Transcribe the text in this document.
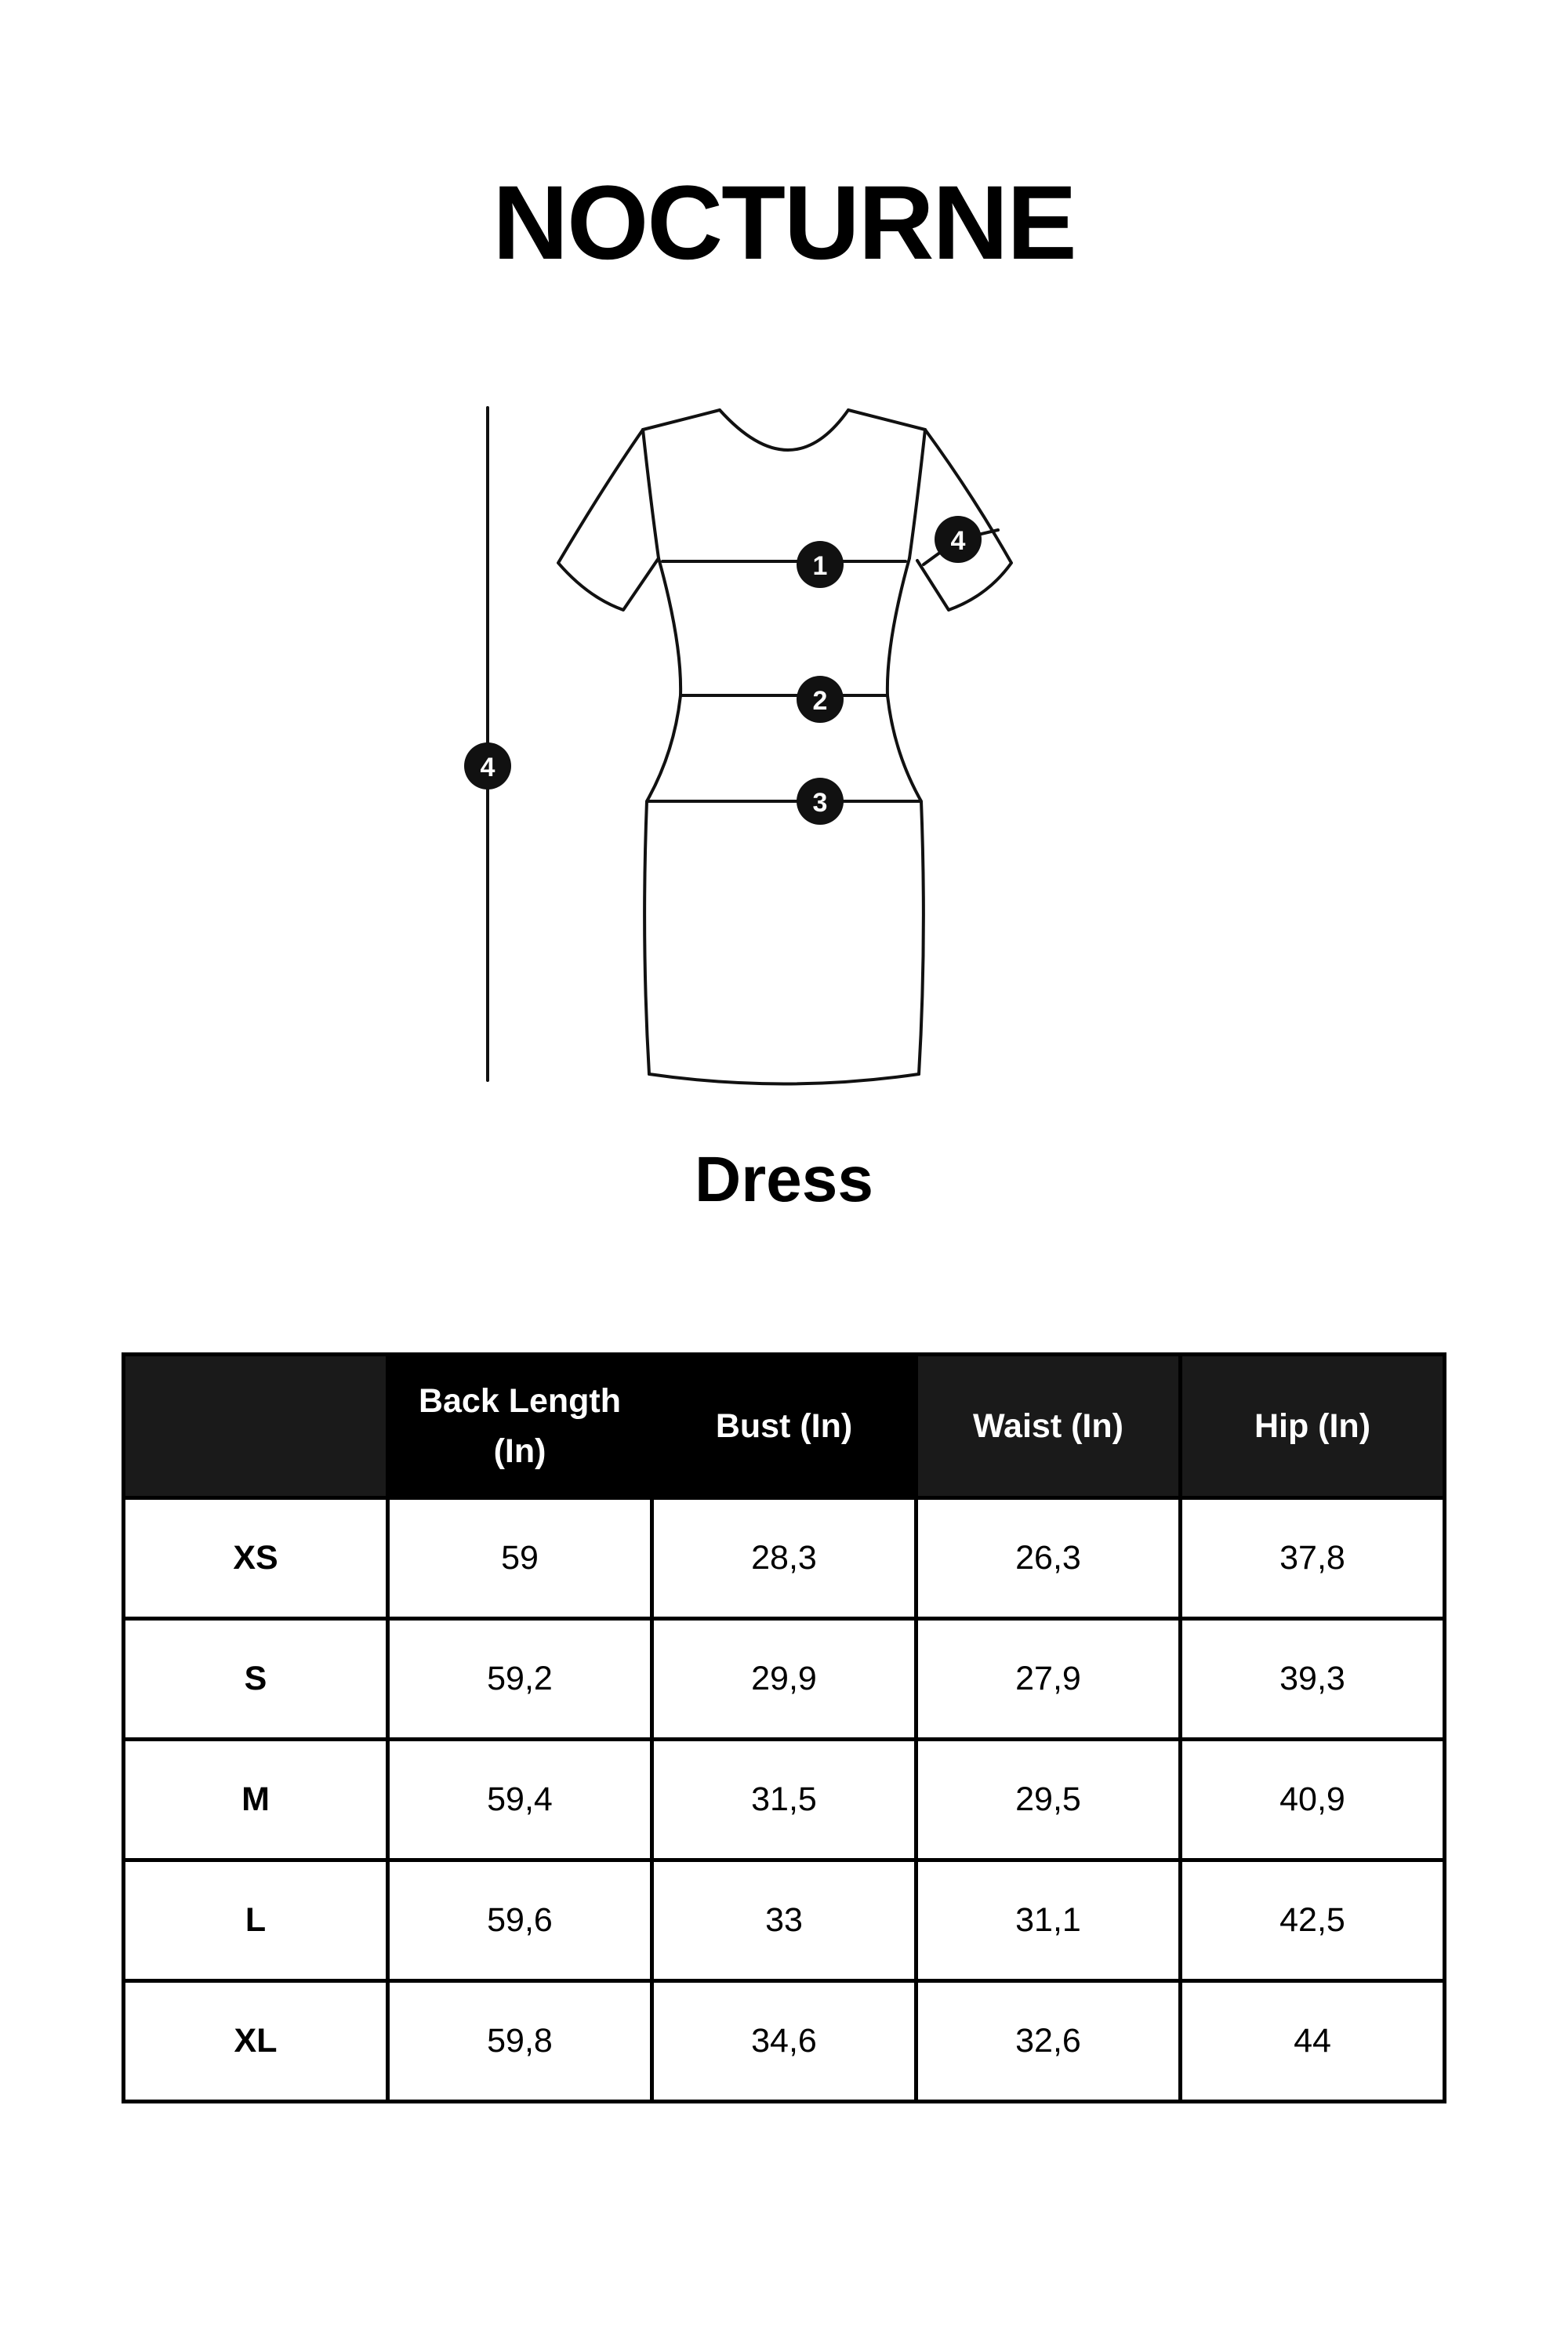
NOCTURNE
1
2
3
4
4
Dress
	Back Length (In)	Bust (In)	Waist (In)	Hip (In)
XS	59	28,3	26,3	37,8
S	59,2	29,9	27,9	39,3
M	59,4	31,5	29,5	40,9
L	59,6	33	31,1	42,5
XL	59,8	34,6	32,6	44
